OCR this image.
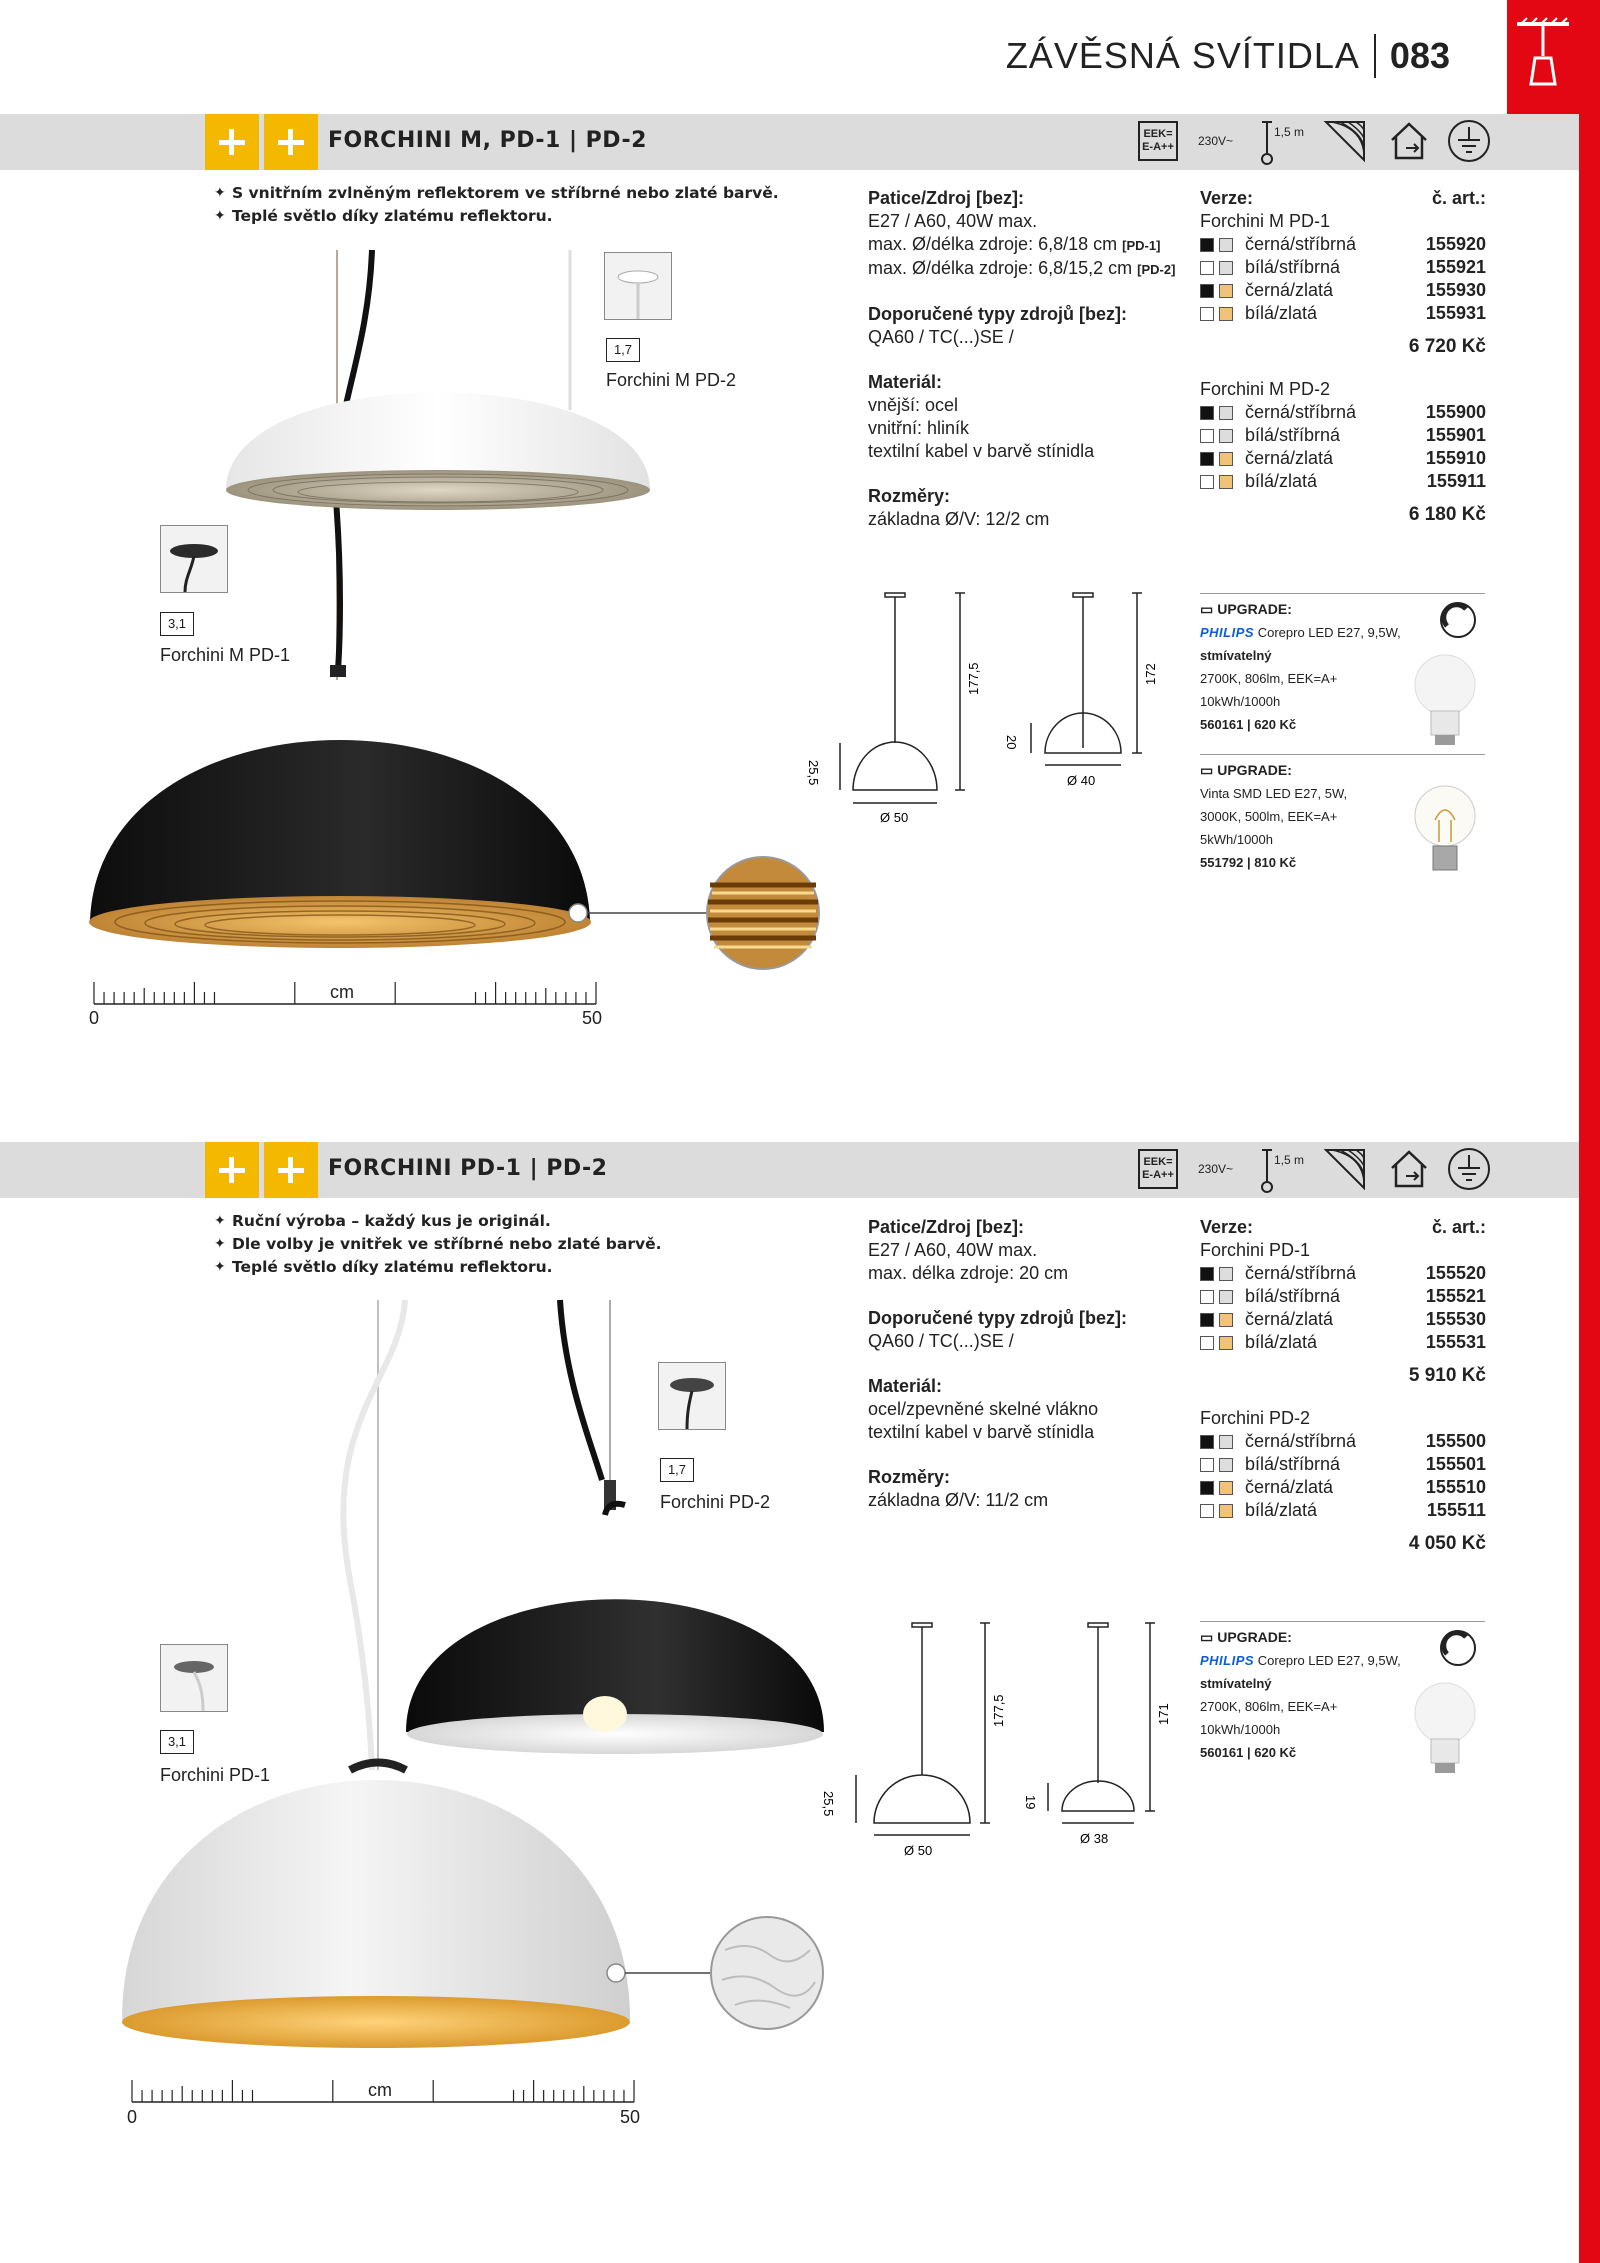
ZÁVĚSNÁ SVÍTIDLA 083
FORCHINI M, PD-1 | PD-2	EEK=
E-A++ 230V~
1,5 m
✦ S vnitřním zvlněným reflektorem ve stříbrné nebo zlaté barvě.
✦ Teplé světlo díky zlatému reflektoru.
3,1
Forchini M PD-1
1,7
Forchini M PD-2
cm
0	50
Patice/Zdroj [bez]:
E27 / A60, 40W max.
max. Ø/délka zdroje: 6,8/18 cm [PD-1]
max. Ø/délka zdroje: 6,8/15,2 cm [PD-2]
Doporučené typy zdrojů [bez]:
QA60 / TC(...)SE /
Materiál:
vnější: ocel
vnitřní: hliník
textilní kabel v barvě stínidla
Rozměry:
základna Ø/V: 12/2 cm
Verze:	č. art.:
Forchini M PD-1
černá/stříbrná	155920
bílá/stříbrná	155921
černá/zlatá	155930
bílá/zlatá	155931
6 720 Kč
Forchini M PD-2
černá/stříbrná	155900
bílá/stříbrná	155901
černá/zlatá	155910
bílá/zlatá	155911
6 180 Kč
177,5
25,5
Ø 50
172
20
Ø 40
▭ UPGRADE:
PHILIPS Corepro LED E27, 9,5W,
stmívatelný
2700K, 806lm, EEK=A+
10kWh/1000h
560161 | 620 Kč
▭ UPGRADE:
Vinta SMD LED E27, 5W,
3000K, 500lm, EEK=A+
5kWh/1000h
551792 | 810 Kč
FORCHINI PD-1 | PD-2	EEK=
E-A++ 230V~
1,5 m
✦ Ruční výroba – každý kus je originál.
✦ Dle volby je vnitřek ve stříbrné nebo zlaté barvě.
✦ Teplé světlo díky zlatému reflektoru.
3,1
Forchini PD-1
1,7
Forchini PD-2
cm
0	50
Patice/Zdroj [bez]:
E27 / A60, 40W max.
max. délka zdroje: 20 cm
Doporučené typy zdrojů [bez]:
QA60 / TC(...)SE /
Materiál:
ocel/zpevněné skelné vlákno
textilní kabel v barvě stínidla
Rozměry:
základna Ø/V: 11/2 cm
Verze:	č. art.:
Forchini PD-1
černá/stříbrná	155520
bílá/stříbrná	155521
černá/zlatá	155530
bílá/zlatá	155531
5 910 Kč
Forchini PD-2
černá/stříbrná	155500
bílá/stříbrná	155501
černá/zlatá	155510
bílá/zlatá	155511
4 050 Kč
177,5
25,5
Ø 50
171
19
Ø 38
▭ UPGRADE:
PHILIPS Corepro LED E27, 9,5W,
stmívatelný
2700K, 806lm, EEK=A+
10kWh/1000h
560161 | 620 Kč
